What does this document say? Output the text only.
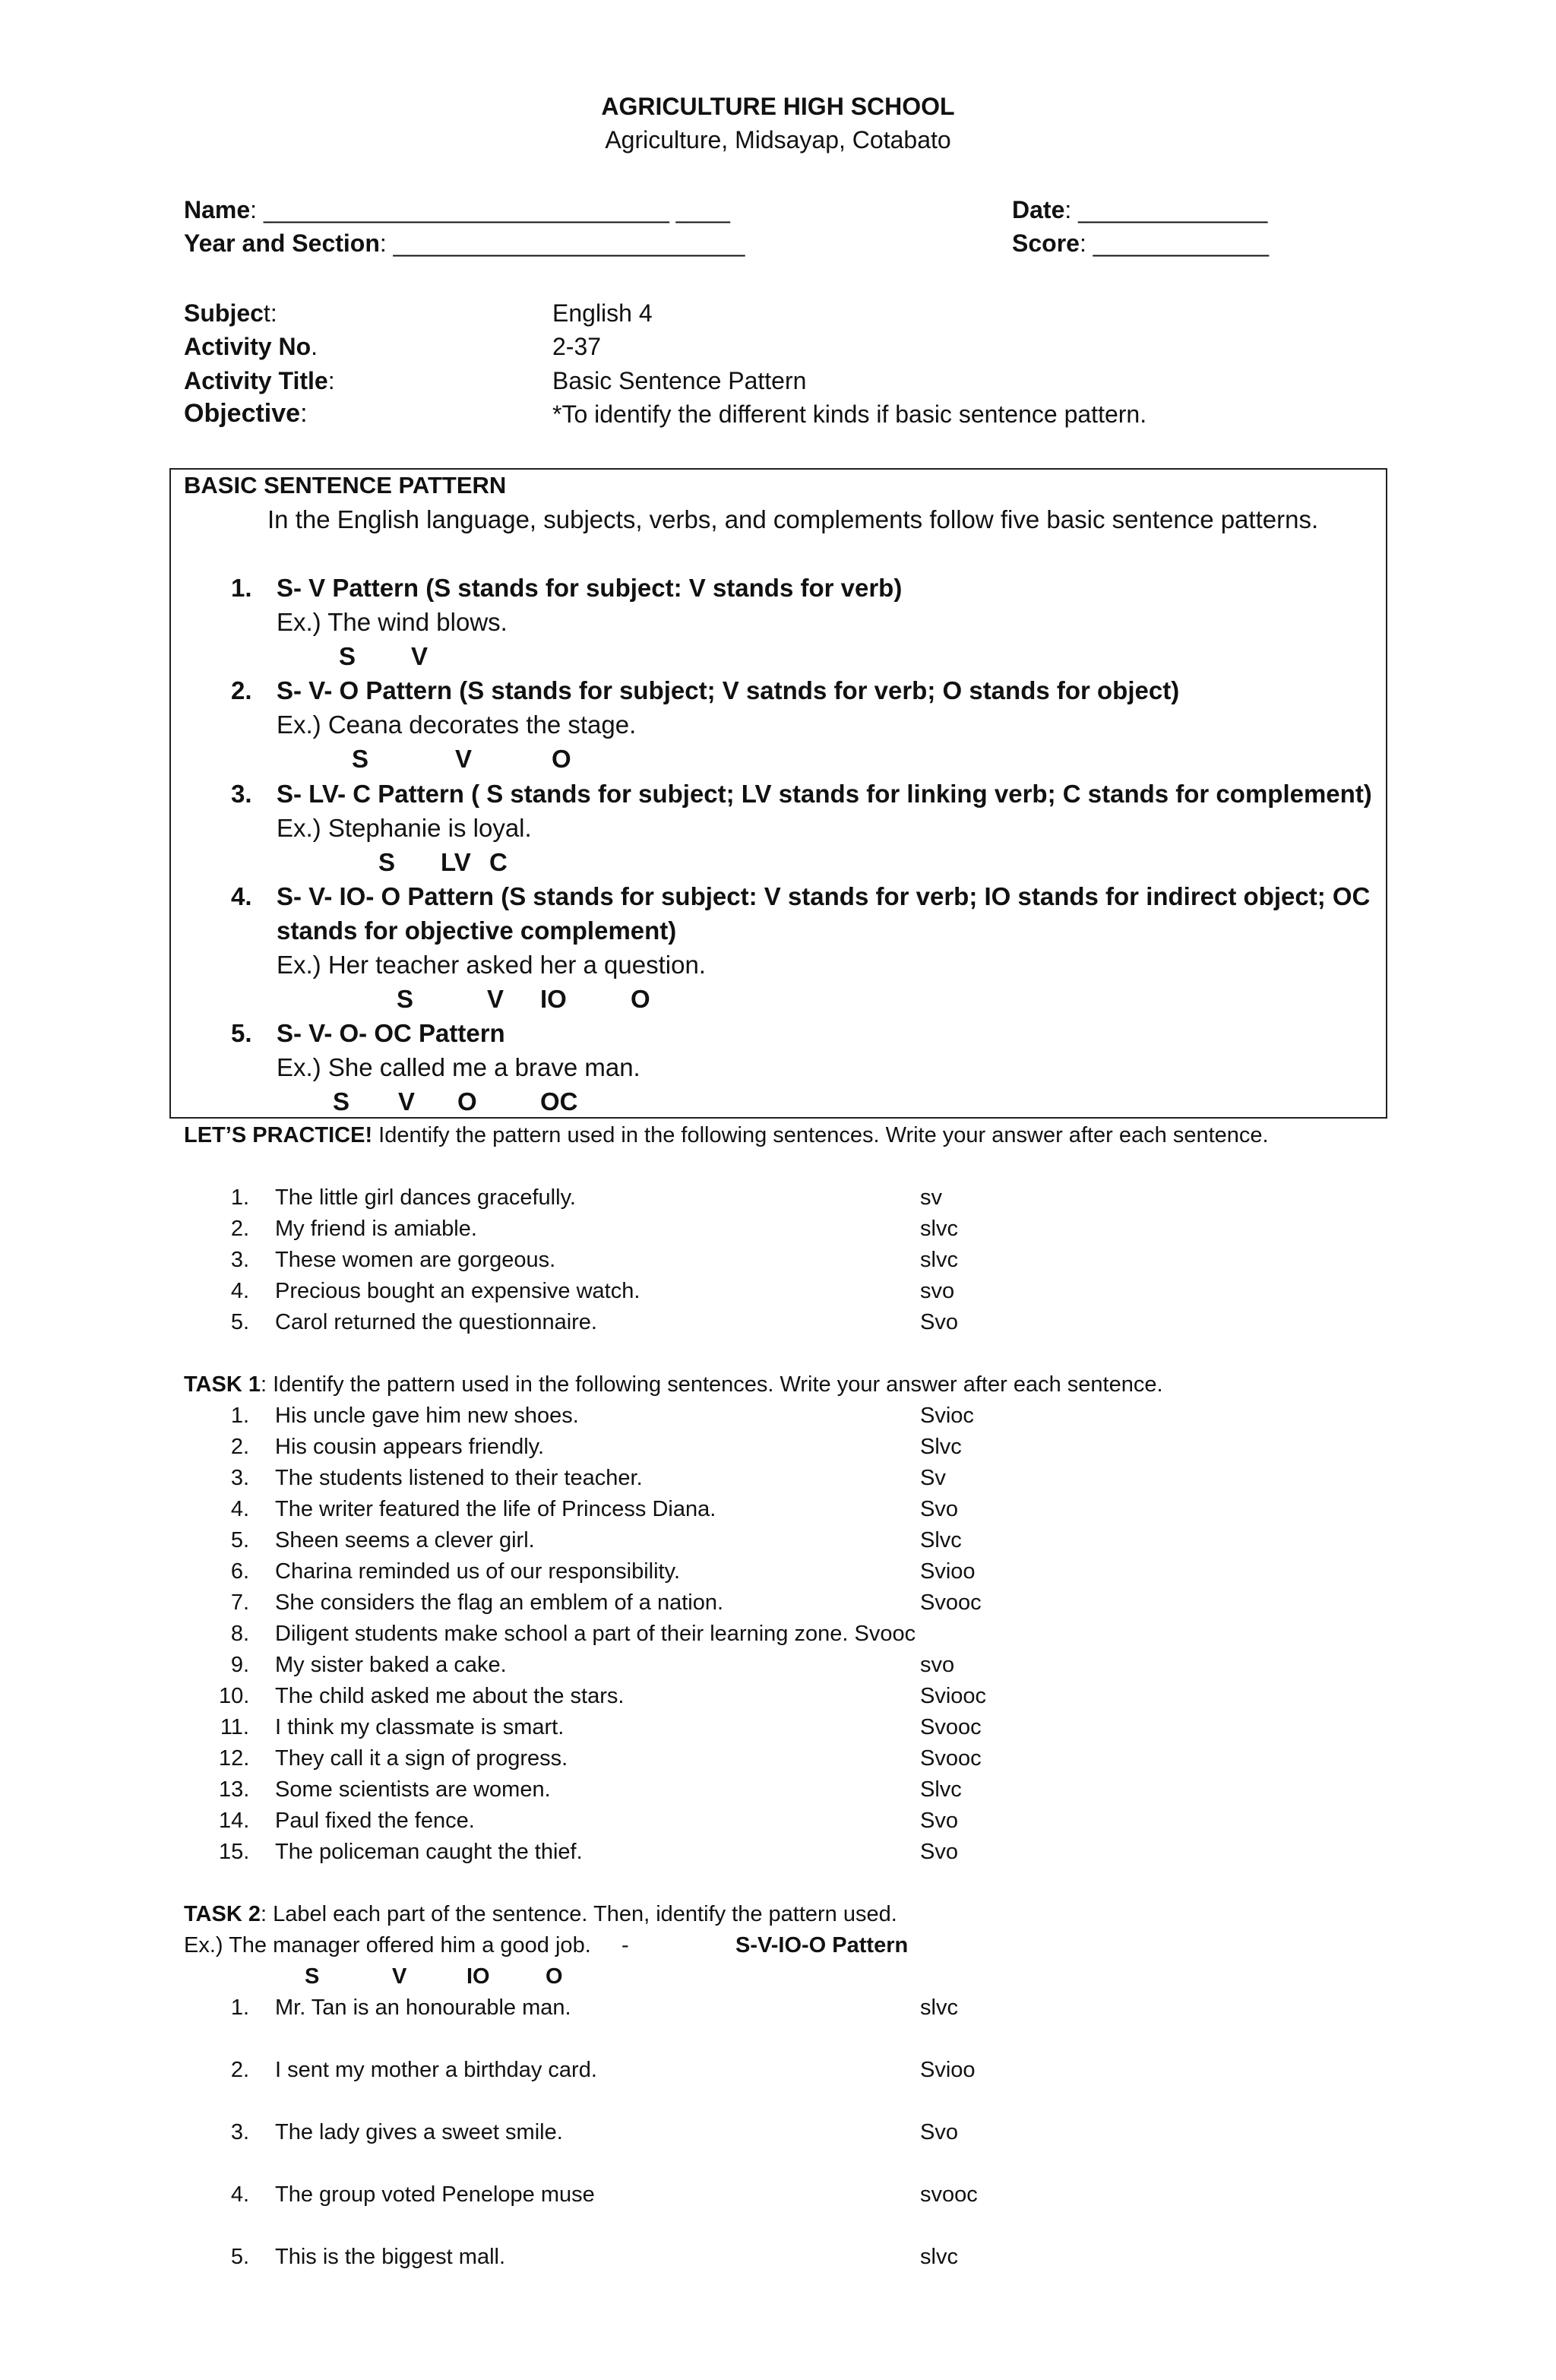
AGRICULTURE HIGH SCHOOL
Agriculture, Midsayap, Cotabato
Name: ______________________________ ____	Date: ______________
Year and Section: __________________________	Score: _____________
Subject:	English 4
Activity No.	2-37
Activity Title:	Basic Sentence Pattern
Objective:	*To identify the different kinds if basic sentence pattern.
BASIC SENTENCE PATTERN
In the English language, subjects, verbs, and complements follow five basic sentence patterns.
1. S- V Pattern (S stands for subject: V stands for verb)
Ex.) The wind blows.
S V
2. S- V- O Pattern (S stands for subject; V satnds for verb; O stands for object)
Ex.) Ceana decorates the stage.
S	V	O
3. S- LV- C Pattern ( S stands for subject; LV stands for linking verb; C stands for complement)
Ex.) Stephanie is loyal.
S LV C
4. S- V- IO- O Pattern (S stands for subject: V stands for verb; IO stands for indirect object; OC
stands for objective complement)
Ex.) Her teacher asked her a question.
S	V IO	O
5. S- V- O- OC Pattern
Ex.) She called me a brave man.
S V O	OC
LET’S PRACTICE! Identify the pattern used in the following sentences. Write your answer after each sentence.
1. The little girl dances gracefully.	sv
2. My friend is amiable.	slvc
3. These women are gorgeous.	slvc
4. Precious bought an expensive watch.	svo
5. Carol returned the questionnaire.	Svo
TASK 1: Identify the pattern used in the following sentences. Write your answer after each sentence.
1. His uncle gave him new shoes.	Svioc
2. His cousin appears friendly.	Slvc
3. The students listened to their teacher.	Sv
4. The writer featured the life of Princess Diana.	Svo
5. Sheen seems a clever girl.	Slvc
6. Charina reminded us of our responsibility.	Svioo
7. She considers the flag an emblem of a nation.	Svooc
8. Diligent students make school a part of their learning zone. Svooc
9. My sister baked a cake.	svo
10. The child asked me about the stars.	Sviooc
11. I think my classmate is smart.	Svooc
12. They call it a sign of progress.	Svooc
13. Some scientists are women.	Slvc
14. Paul fixed the fence.	Svo
15. The policeman caught the thief.	Svo
TASK 2: Label each part of the sentence. Then, identify the pattern used.
Ex.) The manager offered him a good job.     -	S-V-IO-O Pattern
S	V	IO	O
1. Mr. Tan is an honourable man.	slvc
2. I sent my mother a birthday card.	Svioo
3. The lady gives a sweet smile.	Svo
4. The group voted Penelope muse	svooc
5. This is the biggest mall.	slvc
